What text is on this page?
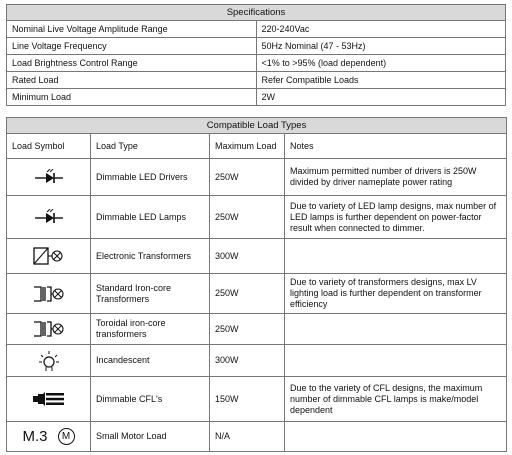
Specifications	
Nominal Live Voltage Amplitude Range	220-240Vac
Line Voltage Frequency	50Hz Nominal (47 - 53Hz)
Load Brightness Control Range	<1% to >95% (load dependent)
Rated Load	Refer Compatible Loads
Minimum Load	2W
Compatible Load Types			
Load Symbol	Load Type	Maximum Load	Notes

	Dimmable LED Drivers	250W	Maximum permitted number of drivers is 250W divided by driver nameplate power rating

	Dimmable LED Lamps	250W	Due to variety of LED lamp designs, max number of LED lamps is further dependent on power-factor result when connected to dimmer.

	Electronic Transformers	300W	

	Standard Iron-core Transformers	250W	Due to variety of transformers designs, max LV lighting load is further dependent on transformer efficiency

	Toroidal iron-core transformers	250W	

	Incandescent	300W	

	Dimmable CFL's	150W	Due to the variety of CFL designs, the maximum number of dimmable CFL lamps is make/model dependent

M.3 M	Small Motor Load	N/A	
